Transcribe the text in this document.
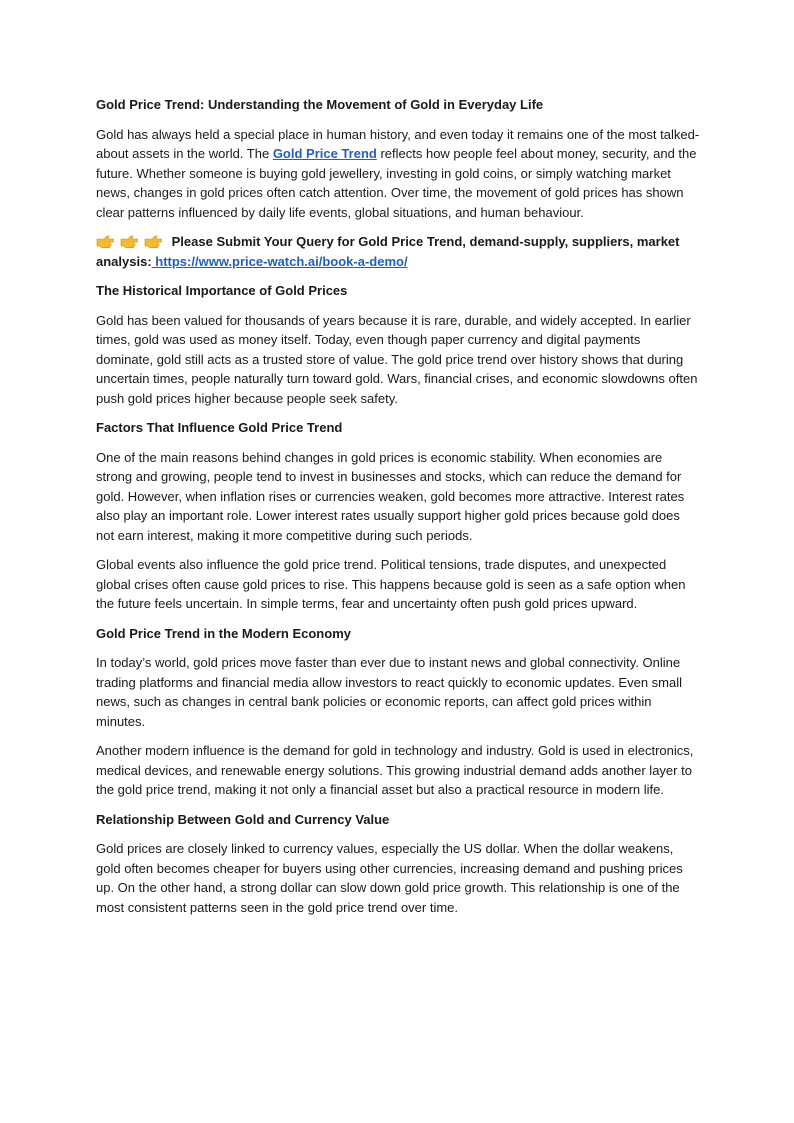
Gold Price Trend: Understanding the Movement of Gold in Everyday Life

Gold has always held a special place in human history, and even today it remains one of the most talked-about assets in the world. The Gold Price Trend reflects how people feel about money, security, and the future. Whether someone is buying gold jewellery, investing in gold coins, or simply watching market news, changes in gold prices often catch attention. Over time, the movement of gold prices has shown clear patterns influenced by daily life events, global situations, and human behaviour.

Please Submit Your Query for Gold Price Trend, demand-supply, suppliers, market analysis: https://www.price-watch.ai/book-a-demo/

The Historical Importance of Gold Prices

Gold has been valued for thousands of years because it is rare, durable, and widely accepted. In earlier times, gold was used as money itself. Today, even though paper currency and digital payments dominate, gold still acts as a trusted store of value. The gold price trend over history shows that during uncertain times, people naturally turn toward gold. Wars, financial crises, and economic slowdowns often push gold prices higher because people seek safety.

Factors That Influence Gold Price Trend

One of the main reasons behind changes in gold prices is economic stability. When economies are strong and growing, people tend to invest in businesses and stocks, which can reduce the demand for gold. However, when inflation rises or currencies weaken, gold becomes more attractive. Interest rates also play an important role. Lower interest rates usually support higher gold prices because gold does not earn interest, making it more competitive during such periods.

Global events also influence the gold price trend. Political tensions, trade disputes, and unexpected global crises often cause gold prices to rise. This happens because gold is seen as a safe option when the future feels uncertain. In simple terms, fear and uncertainty often push gold prices upward.

Gold Price Trend in the Modern Economy

In today’s world, gold prices move faster than ever due to instant news and global connectivity. Online trading platforms and financial media allow investors to react quickly to economic updates. Even small news, such as changes in central bank policies or economic reports, can affect gold prices within minutes.

Another modern influence is the demand for gold in technology and industry. Gold is used in electronics, medical devices, and renewable energy solutions. This growing industrial demand adds another layer to the gold price trend, making it not only a financial asset but also a practical resource in modern life.

Relationship Between Gold and Currency Value

Gold prices are closely linked to currency values, especially the US dollar. When the dollar weakens, gold often becomes cheaper for buyers using other currencies, increasing demand and pushing prices up. On the other hand, a strong dollar can slow down gold price growth. This relationship is one of the most consistent patterns seen in the gold price trend over time.
